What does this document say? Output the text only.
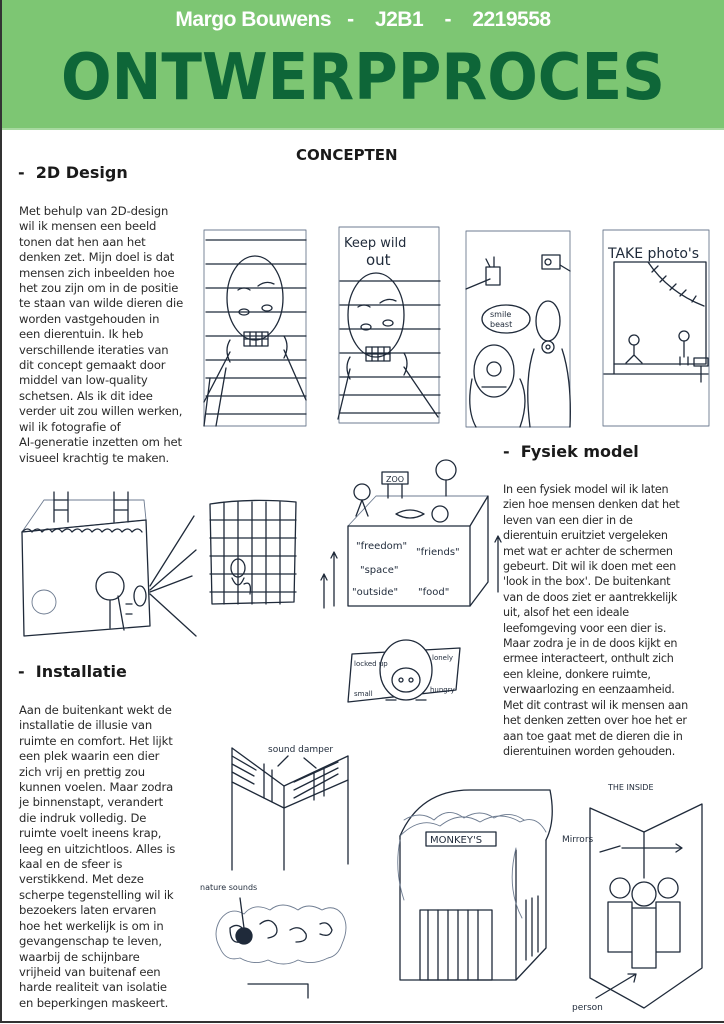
Margo Bouwens - J2B1 - 2219558
ONTWERPPROCES
CONCEPTEN
-  2D Design
Met behulp van 2D-design
wil ik mensen een beeld
tonen dat hen aan het
denken zet. Mijn doel is dat
mensen zich inbeelden hoe
het zou zijn om in de positie
te staan van wilde dieren die
worden vastgehouden in
een dierentuin. Ik heb
verschillende iteraties van
dit concept gemaakt door
middel van low-quality
schetsen. Als ik dit idee
verder uit zou willen werken,
wil ik fotografie of
AI-generatie inzetten om het
visueel krachtig te maken.	-  Fysiek model
In een fysiek model wil ik laten
zien hoe mensen denken dat het
leven van een dier in de
dierentuin eruitziet vergeleken
met wat er achter de schermen
gebeurt. Dit wil ik doen met een
'look in the box'. De buitenkant
van de doos ziet er aantrekkelijk
uit, alsof het een ideale
leefomgeving voor een dier is.
Maar zodra je in de doos kijkt en
ermee interacteert, onthult zich
een kleine, donkere ruimte,
verwaarlozing en eenzaamheid.
Met dit contrast wil ik mensen aan
het denken zetten over hoe het er
aan toe gaat met de dieren die in
dierentuinen worden gehouden.
-  Installatie
Aan de buitenkant wekt de
installatie de illusie van
ruimte en comfort. Het lijkt
een plek waarin een dier
zich vrij en prettig zou
kunnen voelen. Maar zodra
je binnenstapt, verandert
die indruk volledig. De
ruimte voelt ineens krap,
leeg en uitzichtloos. Alles is
kaal en de sfeer is
verstikkend. Met deze
scherpe tegenstelling wil ik
bezoekers laten ervaren
hoe het werkelijk is om in
gevangenschap te leven,
waarbij de schijnbare
vrijheid van buitenaf een
harde realiteit van isolatie
en beperkingen maskeert.
Keep wild
out
smile
beast
TAKE photo's
ZOO
"freedom"
"friends"
"space"
"outside" "food"
locked up
lonely
small	hungry
sound damper
nature sounds
MONKEY'S
THE INSIDE
Mirrors
person
